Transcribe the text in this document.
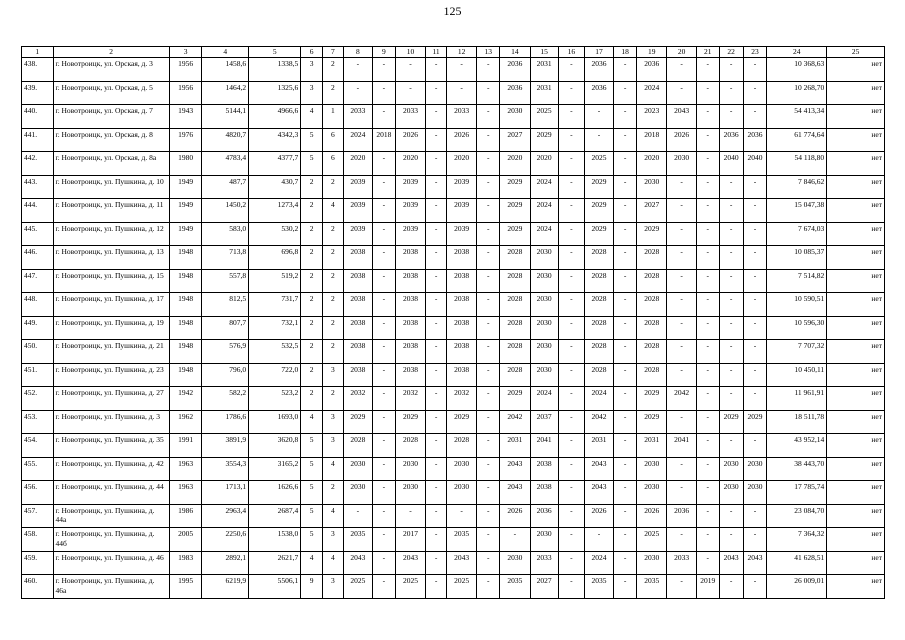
125
1	2	3	4	5	6	7	8	9	10	11	12	13	14	15	16	17	18	19	20	21	22	23	24	25
438.	г. Новотроицк, ул. Орская, д. 3	1956	1458,6	1338,5	3	2	-	-	-	-	-	-	2036	2031	-	2036	-	2036	-	-	-	-	10 368,63	нет
439.	г. Новотроицк, ул. Орская, д. 5	1956	1464,2	1325,6	3	2	-	-	-	-	-	-	2036	2031	-	2036	-	2024	-	-	-	-	10 268,70	нет
440.	г. Новотроицк, ул. Орская, д. 7	1943	5144,1	4966,6	4	1	2033	-	2033	-	2033	-	2030	2025	-	-	-	2023	2043	-	-	-	54 413,34	нет
441.	г. Новотроицк, ул. Орская, д. 8	1976	4820,7	4342,3	5	6	2024	2018	2026	-	2026	-	2027	2029	-	-	-	2018	2026	-	2036	2036	61 774,64	нет
442.	г. Новотроицк, ул. Орская, д. 8а	1980	4783,4	4377,7	5	6	2020	-	2020	-	2020	-	2020	2020	-	2025	-	2020	2030	-	2040	2040	54 118,80	нет
443.	г. Новотроицк, ул. Пушкина, д. 10	1949	487,7	430,7	2	2	2039	-	2039	-	2039	-	2029	2024	-	2029	-	2030	-	-	-	-	7 846,62	нет
444.	г. Новотроицк, ул. Пушкина, д. 11	1949	1450,2	1273,4	2	4	2039	-	2039	-	2039	-	2029	2024	-	2029	-	2027	-	-	-	-	15 047,38	нет
445.	г. Новотроицк, ул. Пушкина, д. 12	1949	583,0	530,2	2	2	2039	-	2039	-	2039	-	2029	2024	-	2029	-	2029	-	-	-	-	7 674,03	нет
446.	г. Новотроицк, ул. Пушкина, д. 13	1948	713,8	696,8	2	2	2038	-	2038	-	2038	-	2028	2030	-	2028	-	2028	-	-	-	-	10 085,37	нет
447.	г. Новотроицк, ул. Пушкина, д. 15	1948	557,8	519,2	2	2	2038	-	2038	-	2038	-	2028	2030	-	2028	-	2028	-	-	-	-	7 514,82	нет
448.	г. Новотроицк, ул. Пушкина, д. 17	1948	812,5	731,7	2	2	2038	-	2038	-	2038	-	2028	2030	-	2028	-	2028	-	-	-	-	10 590,51	нет
449.	г. Новотроицк, ул. Пушкина, д. 19	1948	807,7	732,1	2	2	2038	-	2038	-	2038	-	2028	2030	-	2028	-	2028	-	-	-	-	10 596,30	нет
450.	г. Новотроицк, ул. Пушкина, д. 21	1948	576,9	532,5	2	2	2038	-	2038	-	2038	-	2028	2030	-	2028	-	2028	-	-	-	-	7 707,32	нет
451.	г. Новотроицк, ул. Пушкина, д. 23	1948	796,0	722,0	2	3	2038	-	2038	-	2038	-	2028	2030	-	2028	-	2028	-	-	-	-	10 450,11	нет
452.	г. Новотроицк, ул. Пушкина, д. 27	1942	582,2	523,2	2	2	2032	-	2032	-	2032	-	2029	2024	-	2024	-	2029	2042	-	-	-	11 961,91	нет
453.	г. Новотроицк, ул. Пушкина, д. 3	1962	1786,6	1693,0	4	3	2029	-	2029	-	2029	-	2042	2037	-	2042	-	2029	-	-	2029	2029	18 511,78	нет
454.	г. Новотроицк, ул. Пушкина, д. 35	1991	3891,9	3620,8	5	3	2028	-	2028	-	2028	-	2031	2041	-	2031	-	2031	2041	-	-	-	43 952,14	нет
455.	г. Новотроицк, ул. Пушкина, д. 42	1963	3554,3	3165,2	5	4	2030	-	2030	-	2030	-	2043	2038	-	2043	-	2030	-	-	2030	2030	38 443,70	нет
456.	г. Новотроицк, ул. Пушкина, д. 44	1963	1713,1	1626,6	5	2	2030	-	2030	-	2030	-	2043	2038	-	2043	-	2030	-	-	2030	2030	17 785,74	нет
457.	г. Новотроицк, ул. Пушкина, д. 44а	1986	2963,4	2687,4	5	4	-	-	-	-	-	-	2026	2036	-	2026	-	2026	2036	-	-	-	23 084,70	нет
458.	г. Новотроицк, ул. Пушкина, д. 44б	2005	2250,6	1538,0	5	3	2035	-	2017	-	2035	-	-	2030	-	-	-	2025	-	-	-	-	7 364,32	нет
459.	г. Новотроицк, ул. Пушкина, д. 46	1983	2892,1	2621,7	4	4	2043	-	2043	-	2043	-	2030	2033	-	2024	-	2030	2033	-	2043	2043	41 628,51	нет
460.	г. Новотроицк, ул. Пушкина, д. 46а	1995	6219,9	5506,1	9	3	2025	-	2025	-	2025	-	2035	2027	-	2035	-	2035	-	2019	-	-	26 009,01	нет
